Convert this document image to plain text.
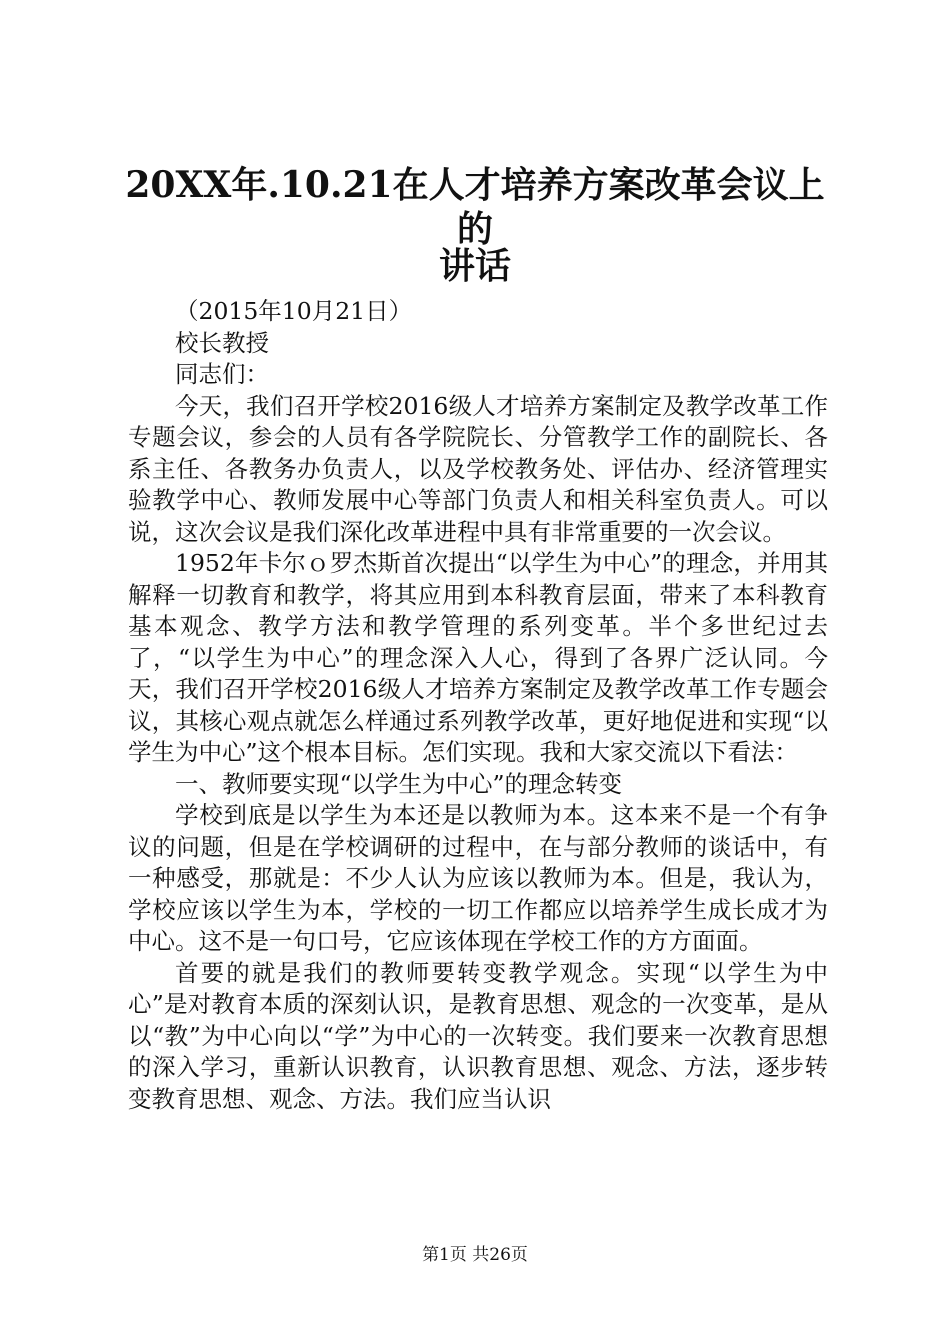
20XX年.10.21在人才培养方案改革会议上的
讲话

（2015年10月21日）

校长教授

同志们：

今天，我们召开学校2016级人才培养方案制定及教学改革工作专题会议，参会的人员有各学院院长、分管教学工作的副院长、各系主任、各教务办负责人，以及学校教务处、评估办、经济管理实验教学中心、教师发展中心等部门负责人和相关科室负责人。可以说，这次会议是我们深化改革进程中具有非常重要的一次会议。

1952年卡尔ｏ罗杰斯首次提出“以学生为中心”的理念，并用其解释一切教育和教学，将其应用到本科教育层面，带来了本科教育基本观念、教学方法和教学管理的系列变革。半个多世纪过去了，“以学生为中心”的理念深入人心，得到了各界广泛认同。今天，我们召开学校2016级人才培养方案制定及教学改革工作专题会议，其核心观点就怎么样通过系列教学改革，更好地促进和实现“以学生为中心”这个根本目标。怎们实现。我和大家交流以下看法：

一、教师要实现“以学生为中心”的理念转变

学校到底是以学生为本还是以教师为本。这本来不是一个有争议的问题，但是在学校调研的过程中，在与部分教师的谈话中，有一种感受，那就是：不少人认为应该以教师为本。但是，我认为，学校应该以学生为本，学校的一切工作都应以培养学生成长成才为中心。这不是一句口号，它应该体现在学校工作的方方面面。

首要的就是我们的教师要转变教学观念。实现“以学生为中心”是对教育本质的深刻认识，是教育思想、观念的一次变革，是从以“教”为中心向以“学”为中心的一次转变。我们要来一次教育思想的深入学习，重新认识教育，认识教育思想、观念、方法，逐步转变教育思想、观念、方法。我们应当认识

第1页 共26页
